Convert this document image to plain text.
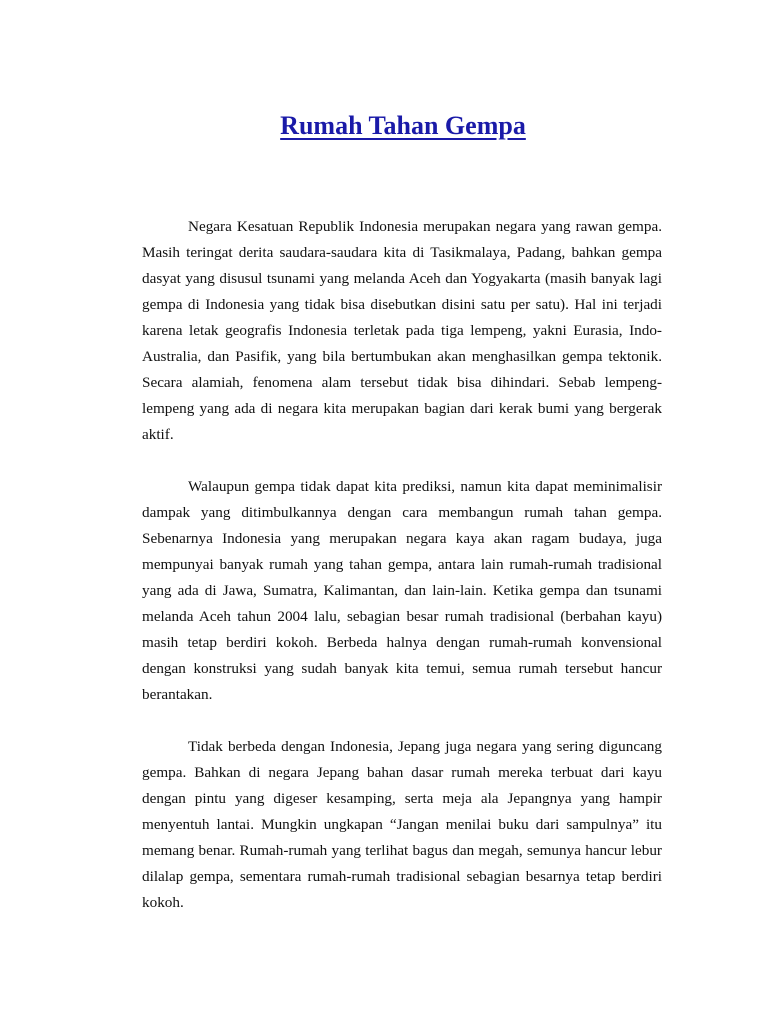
Rumah Tahan Gempa

Negara Kesatuan Republik Indonesia merupakan negara yang rawan gempa. Masih teringat derita saudara-saudara kita di Tasikmalaya, Padang, bahkan gempa dasyat yang disusul tsunami yang melanda Aceh dan Yogyakarta (masih banyak lagi gempa di Indonesia yang tidak bisa disebutkan disini satu per satu). Hal ini terjadi karena letak geografis Indonesia terletak pada tiga lempeng, yakni Eurasia, Indo-Australia, dan Pasifik, yang bila bertumbukan akan menghasilkan gempa tektonik. Secara alamiah, fenomena alam tersebut tidak bisa dihindari. Sebab lempeng-lempeng yang ada di negara kita merupakan bagian dari kerak bumi yang bergerak aktif.

Walaupun gempa tidak dapat kita prediksi, namun kita dapat meminimalisir dampak yang ditimbulkannya dengan cara membangun rumah tahan gempa. Sebenarnya Indonesia yang merupakan negara kaya akan ragam budaya, juga mempunyai banyak rumah yang tahan gempa, antara lain rumah-rumah tradisional yang ada di Jawa, Sumatra, Kalimantan, dan lain-lain. Ketika gempa dan tsunami melanda Aceh tahun 2004 lalu, sebagian besar rumah tradisional (berbahan kayu) masih tetap berdiri kokoh. Berbeda halnya dengan rumah-rumah konvensional dengan konstruksi yang sudah banyak kita temui, semua rumah tersebut hancur berantakan.

Tidak berbeda dengan Indonesia, Jepang juga negara yang sering diguncang gempa. Bahkan di negara Jepang bahan dasar rumah mereka terbuat dari kayu dengan pintu yang digeser kesamping, serta meja ala Jepangnya yang hampir menyentuh lantai. Mungkin ungkapan “Jangan menilai buku dari sampulnya” itu memang benar. Rumah-rumah yang terlihat bagus dan megah, semunya hancur lebur dilalap gempa, sementara rumah-rumah tradisional sebagian besarnya tetap berdiri kokoh.
